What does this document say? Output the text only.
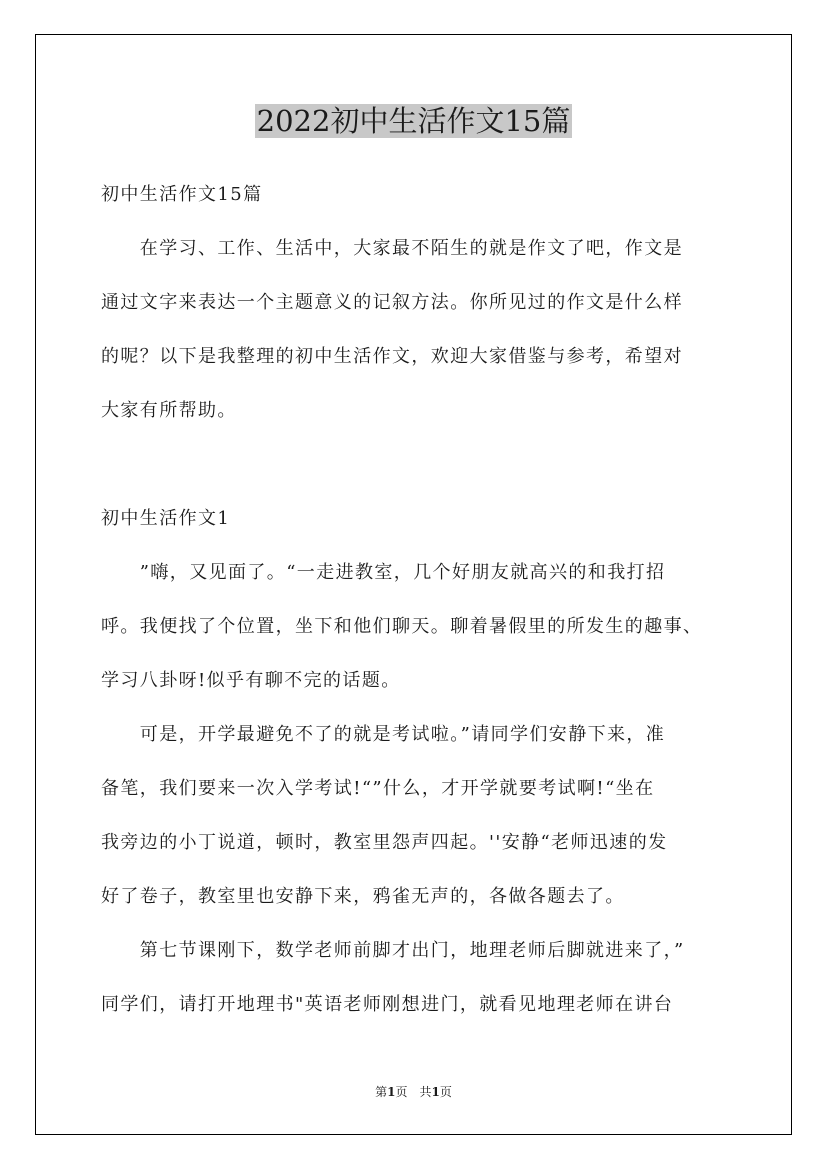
2022初中生活作文15篇
初中生活作文15篇
　　在学习、工作、生活中，大家最不陌生的就是作文了吧，作文是
通过文字来表达一个主题意义的记叙方法。你所见过的作文是什么样
的呢？以下是我整理的初中生活作文，欢迎大家借鉴与参考，希望对
大家有所帮助。
初中生活作文1
　　”嗨，又见面了。“一走进教室，几个好朋友就高兴的和我打招
呼。我便找了个位置，坐下和他们聊天。聊着暑假里的所发生的趣事、
学习八卦呀!似乎有聊不完的话题。
　　可是，开学最避免不了的就是考试啦。”请同学们安静下来，准
备笔，我们要来一次入学考试!“”什么，才开学就要考试啊!“坐在
我旁边的小丁说道，顿时，教室里怨声四起。''安静“老师迅速的发
好了卷子，教室里也安静下来，鸦雀无声的，各做各题去了。
　　第七节课刚下，数学老师前脚才出门，地理老师后脚就进来了，”
同学们，请打开地理书"英语老师刚想进门，就看见地理老师在讲台
第1页　共1页
